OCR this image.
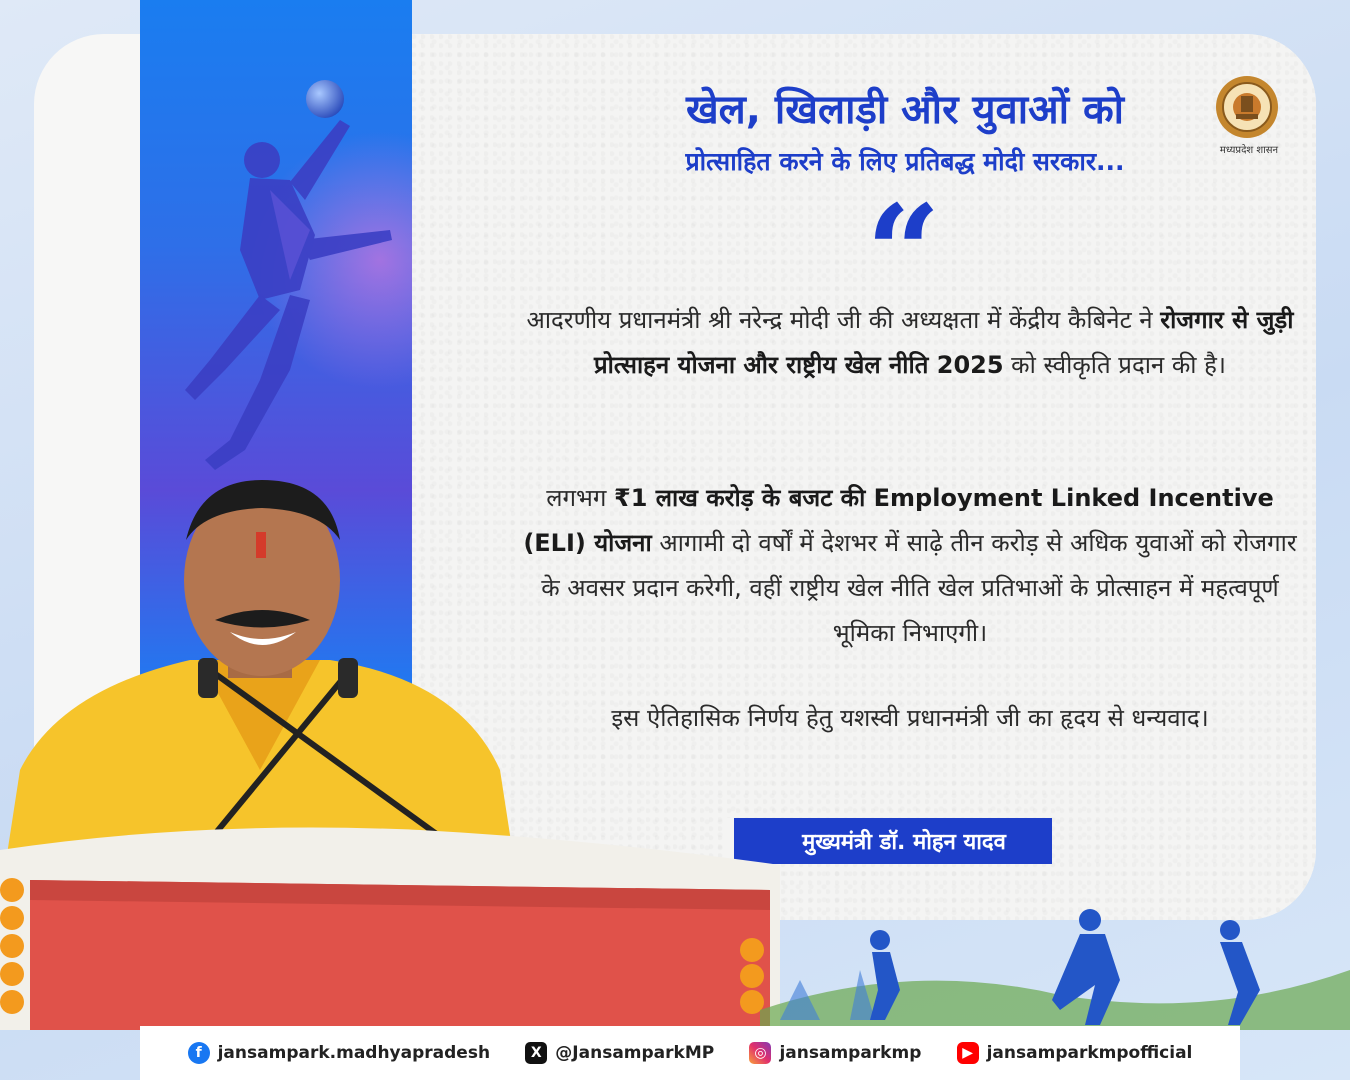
खेल, खिलाड़ी और युवाओं को
प्रोत्साहित करने के लिए प्रतिबद्ध मोदी सरकार...	मध्यप्रदेश शासन
“
आदरणीय प्रधानमंत्री श्री नरेन्द्र मोदी जी की अध्यक्षता में केंद्रीय कैबिनेट ने रोजगार से जुड़ी प्रोत्साहन योजना और राष्ट्रीय खेल नीति 2025 को स्वीकृति प्रदान की है।
लगभग ₹1 लाख करोड़ के बजट की Employment Linked Incentive (ELI) योजना आगामी दो वर्षों में देशभर में साढ़े तीन करोड़ से अधिक युवाओं को रोजगार के अवसर प्रदान करेगी, वहीं राष्ट्रीय खेल नीति खेल प्रतिभाओं के प्रोत्साहन में महत्वपूर्ण भूमिका निभाएगी।
इस ऐतिहासिक निर्णय हेतु यशस्वी प्रधानमंत्री जी का हृदय से धन्यवाद।
मुख्यमंत्री डॉ. मोहन यादव
f jansampark.madhyapradesh	X @JansamparkMP	◎ jansamparkmp	▶ jansamparkmpofficial
